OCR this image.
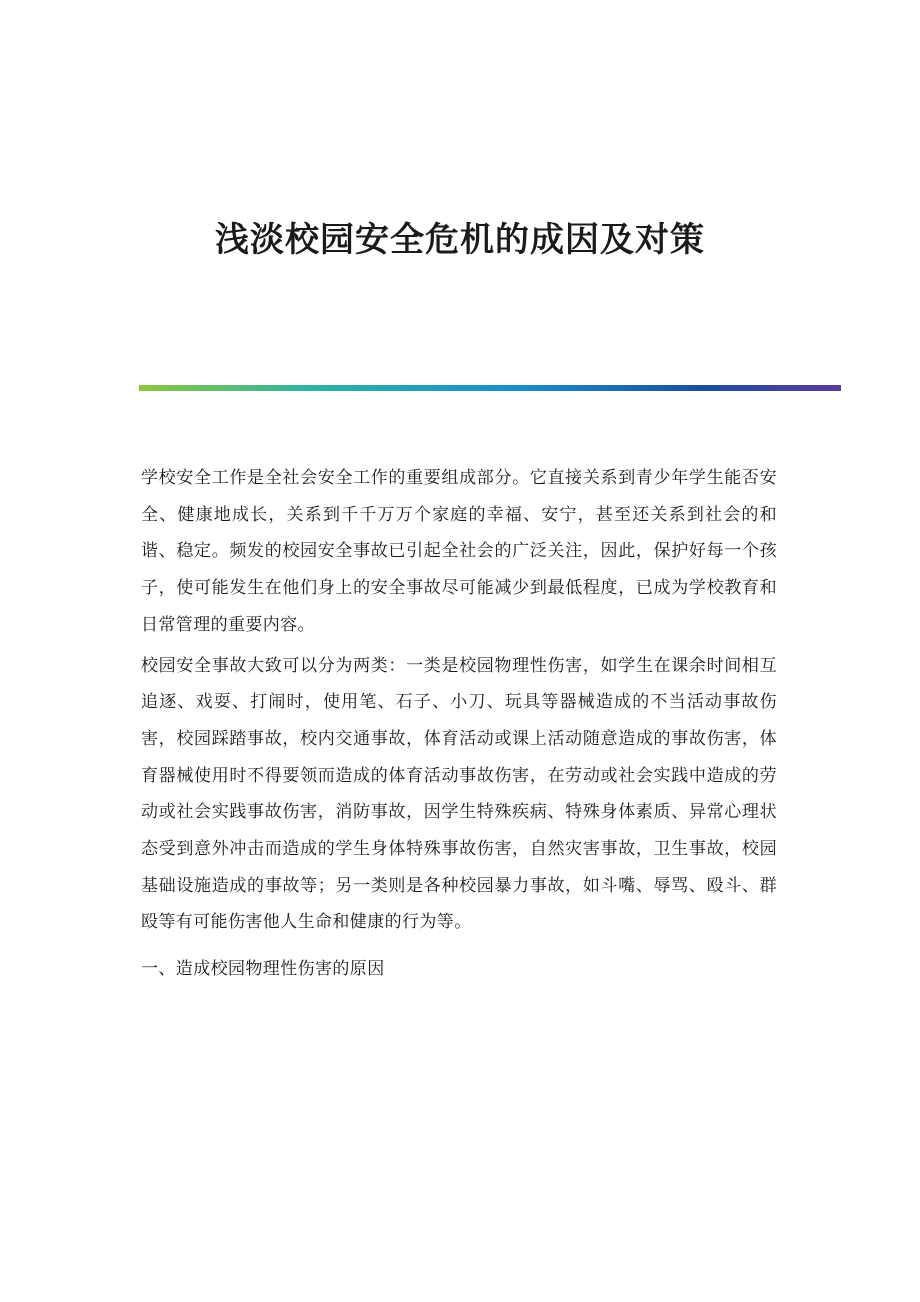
浅淡校园安全危机的成因及对策

学校安全工作是全社会安全工作的重要组成部分。它直接关系到青少年学生能否安全、健康地成长，关系到千千万万个家庭的幸福、安宁，甚至还关系到社会的和谐、稳定。频发的校园安全事故已引起全社会的广泛关注，因此，保护好每一个孩子，使可能发生在他们身上的安全事故尽可能减少到最低程度，已成为学校教育和日常管理的重要内容。

校园安全事故大致可以分为两类：一类是校园物理性伤害，如学生在课余时间相互追逐、戏耍、打闹时，使用笔、石子、小刀、玩具等器械造成的不当活动事故伤害，校园踩踏事故，校内交通事故，体育活动或课上活动随意造成的事故伤害，体育器械使用时不得要领而造成的体育活动事故伤害，在劳动或社会实践中造成的劳动或社会实践事故伤害，消防事故，因学生特殊疾病、特殊身体素质、异常心理状态受到意外冲击而造成的学生身体特殊事故伤害，自然灾害事故，卫生事故，校园基础设施造成的事故等；另一类则是各种校园暴力事故，如斗嘴、辱骂、殴斗、群殴等有可能伤害他人生命和健康的行为等。

一、造成校园物理性伤害的原因
